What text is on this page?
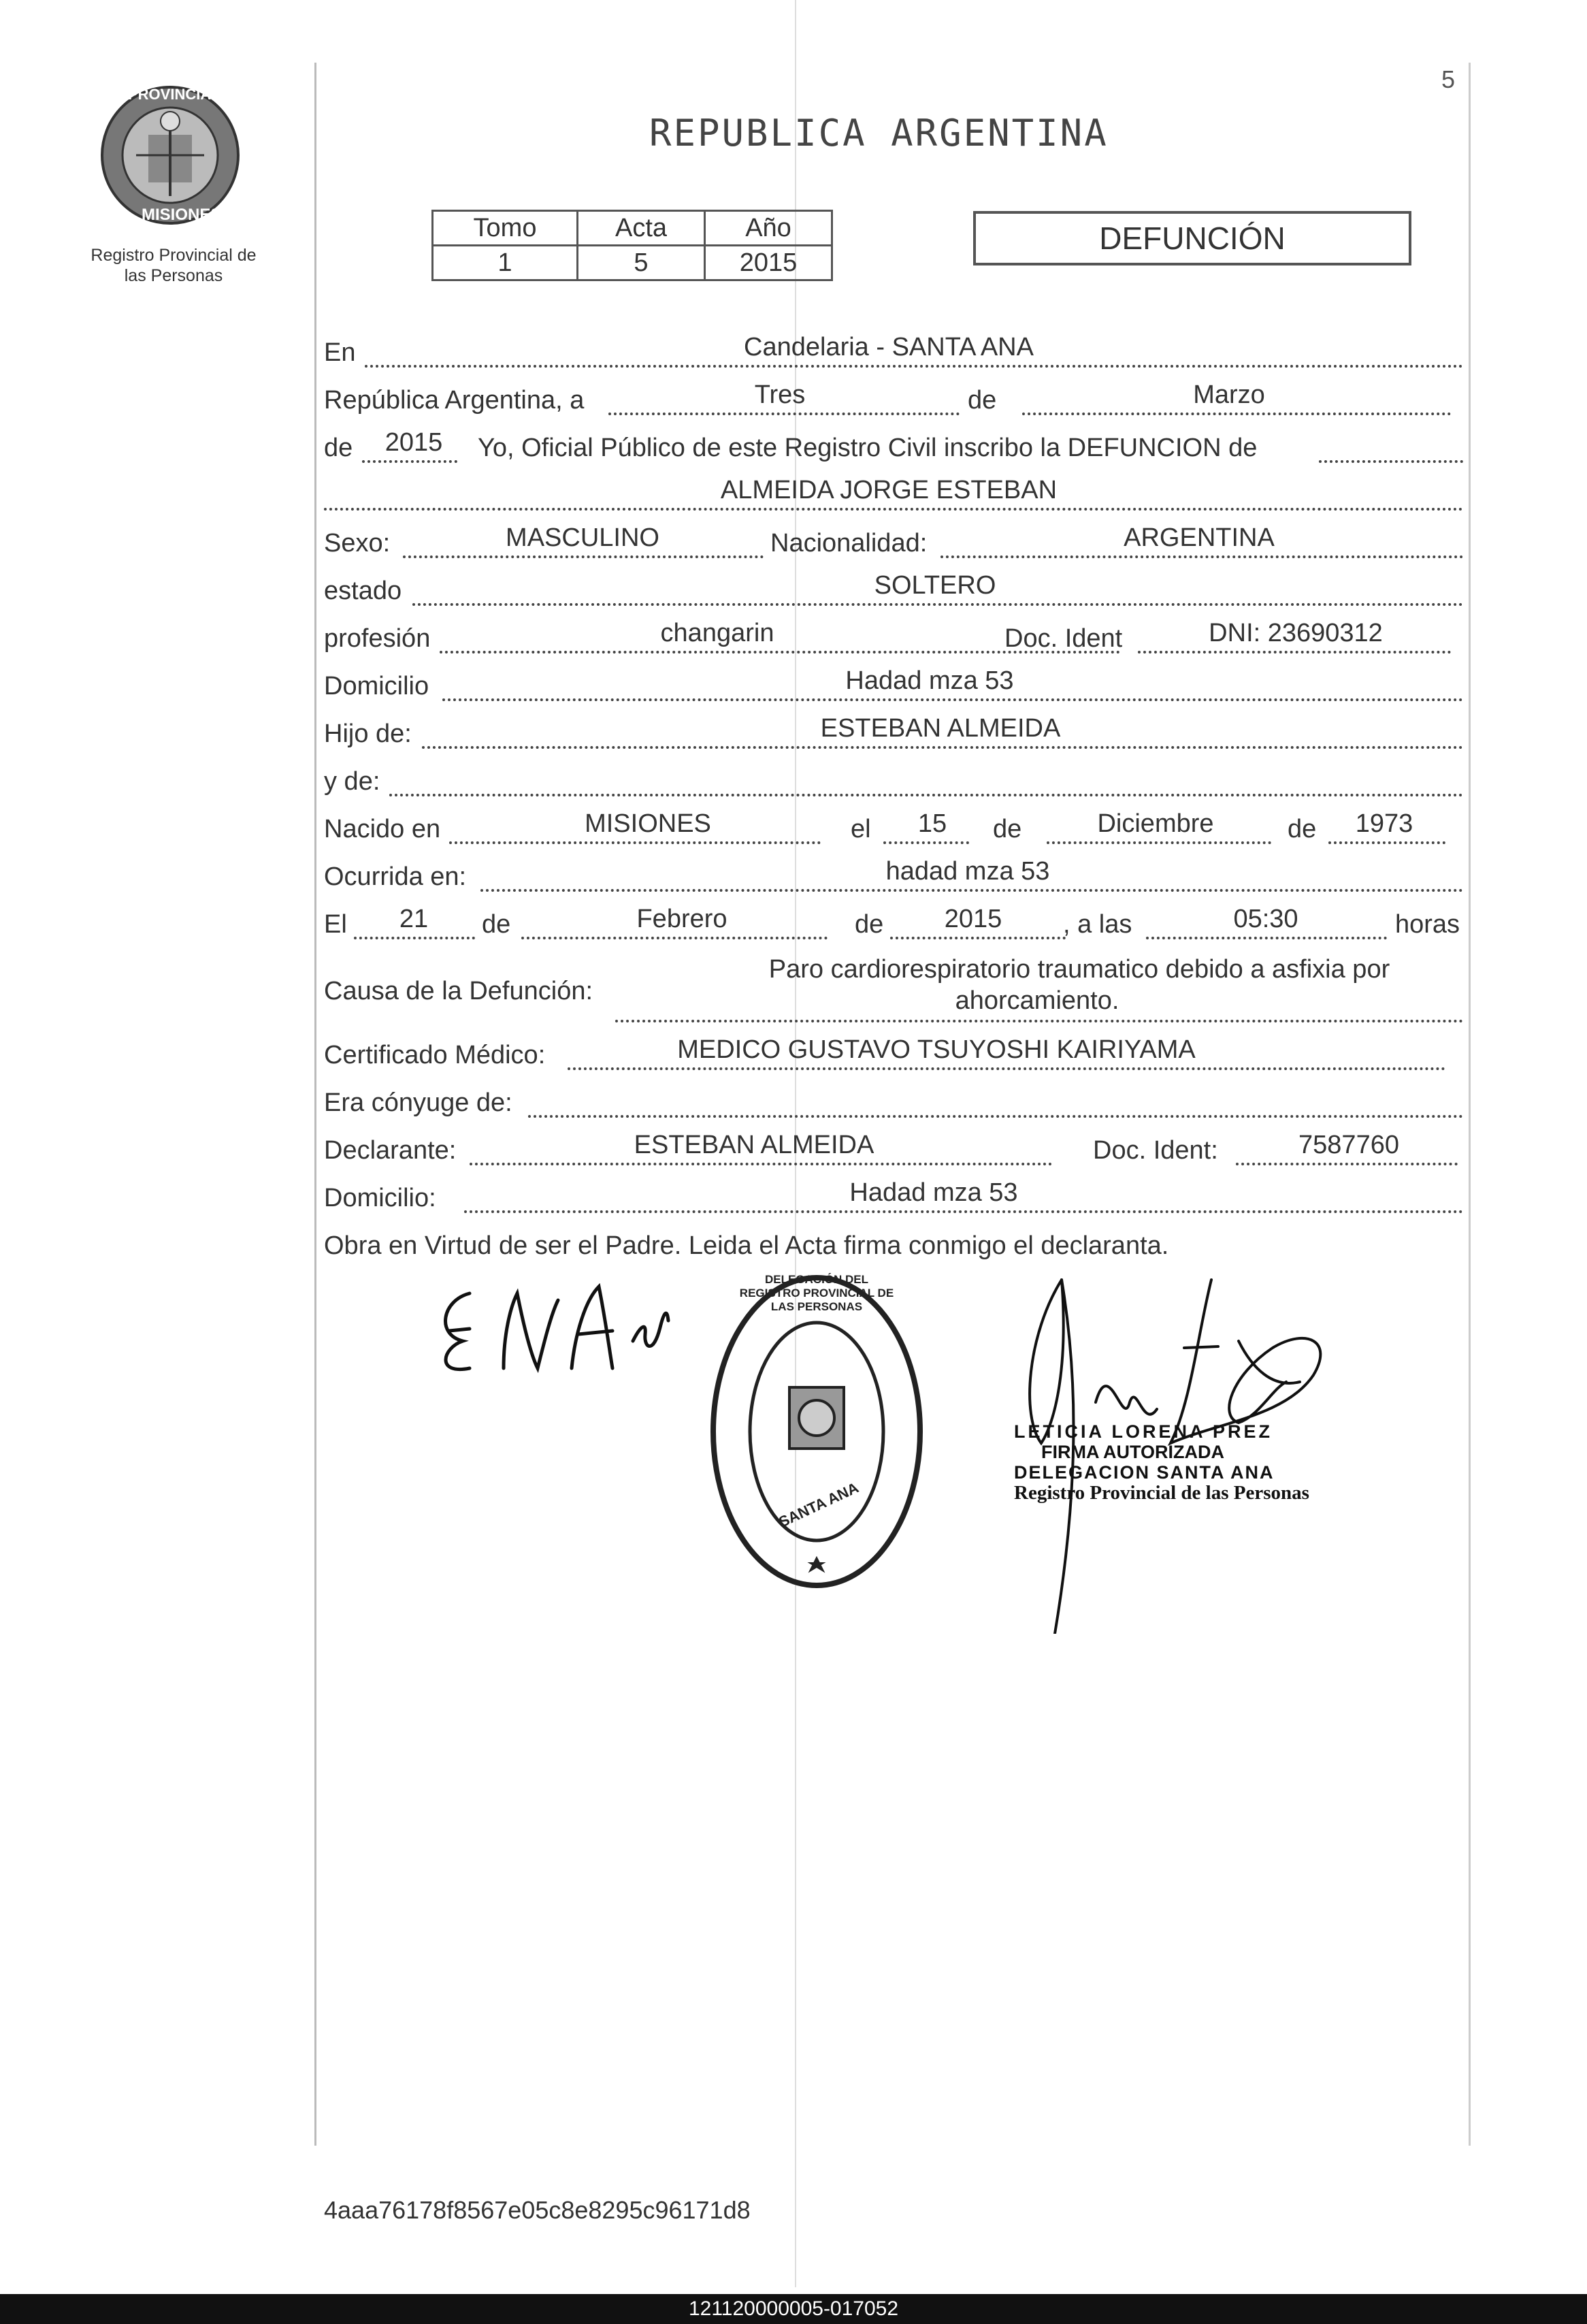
5
PROVINCIA DE
MISIONES
Registro Provincial de
las Personas
REPUBLICA ARGENTINA
Tomo	Acta	Año
1	5	2015
DEFUNCIÓN
En	Candelaria - SANTA ANA
República Argentina, a	Tres	de	Marzo
de 2015 Yo, Oficial Público de este Registro Civil inscribo la DEFUNCION de
ALMEIDA JORGE ESTEBAN
Sexo:	MASCULINO	Nacionalidad:	ARGENTINA
estado	SOLTERO
profesión	changarin	Doc. Ident	DNI: 23690312
Domicilio	Hadad mza 53
Hijo de:	ESTEBAN ALMEIDA
y de:
Nacido en	MISIONES	el 15 de	Diciembre	de 1973
Ocurrida en:	hadad mza 53
El 21 de	Febrero	de 2015 , a las	05:30	horas
Causa de la Defunción:
Paro cardiorespiratorio traumatico debido a asfixia por
ahorcamiento.
Certificado Médico:	MEDICO GUSTAVO TSUYOSHI KAIRIYAMA
Era cónyuge de:
Declarante:	ESTEBAN ALMEIDA	Doc. Ident:	7587760
Domicilio:	Hadad mza 53
Obra en Virtud de ser el Padre. Leida el Acta firma conmigo el declaranta.
DELEGACIÓN DEL REGISTRO PROVINCIAL DE LAS PERSONAS
SANTA ANA
LETICIA LORENA PREZ
FIRMA AUTORIZADA
DELEGACION SANTA ANA
Registro Provincial de las Personas
4aaa76178f8567e05c8e8295c96171d8
121120000005-017052
